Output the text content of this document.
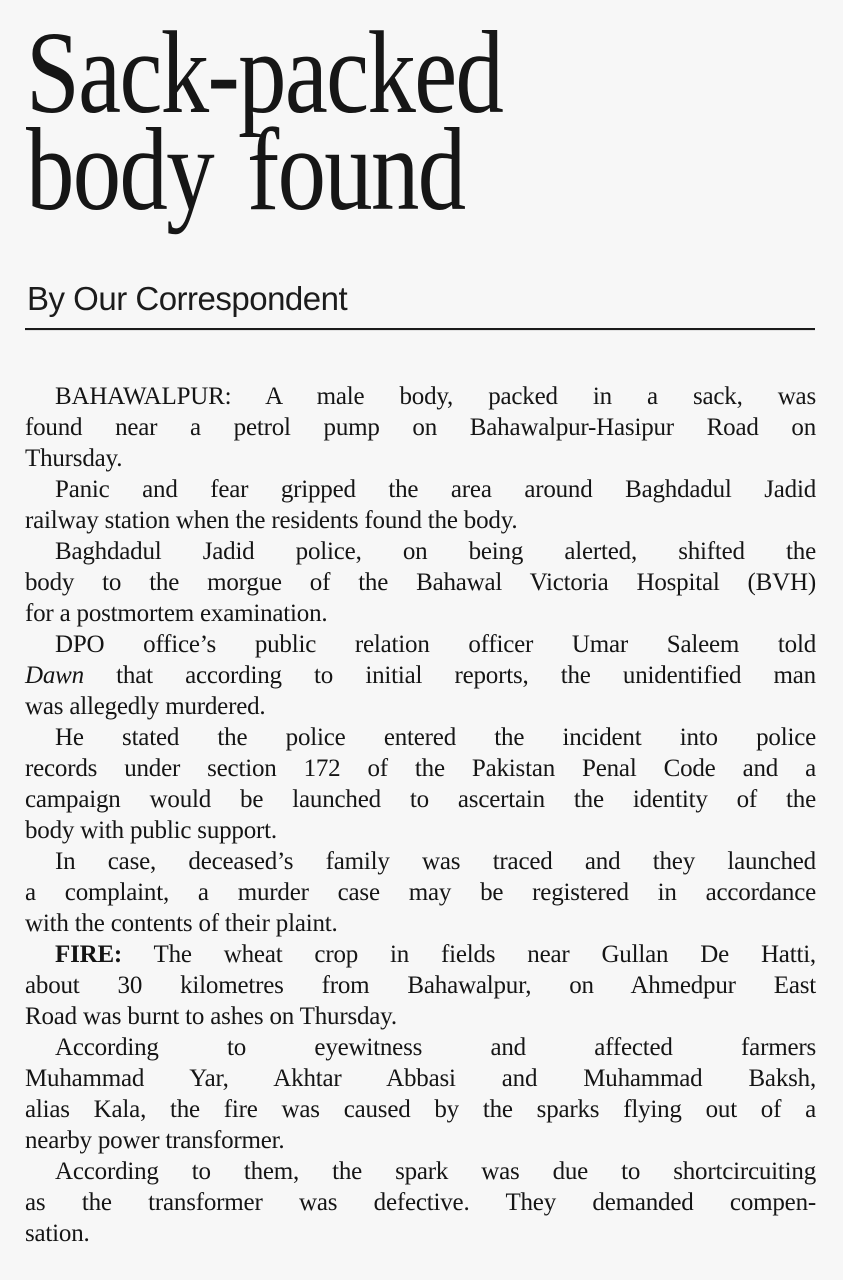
Sack-packed
body found
By Our Correspondent
BAHAWALPUR: A male body, packed in a sack, was
found near a petrol pump on Bahawalpur-Hasipur Road on
Thursday.
Panic and fear gripped the area around Baghdadul Jadid
railway station when the residents found the body.
Baghdadul Jadid police, on being alerted, shifted the
body to the morgue of the Bahawal Victoria Hospital (BVH)
for a postmortem examination.
DPO office’s public relation officer Umar Saleem told
Dawn that according to initial reports, the unidentified man
was allegedly murdered.
He stated the police entered the incident into police
records under section 172 of the Pakistan Penal Code and a
campaign would be launched to ascertain the identity of the
body with public support.
In case, deceased’s family was traced and they launched
a complaint, a murder case may be registered in accordance
with the contents of their plaint.
FIRE: The wheat crop in fields near Gullan De Hatti,
about 30 kilometres from Bahawalpur, on Ahmedpur East
Road was burnt to ashes on Thursday.
According to eyewitness and affected farmers
Muhammad Yar, Akhtar Abbasi and Muhammad Baksh,
alias Kala, the fire was caused by the sparks flying out of a
nearby power transformer.
According to them, the spark was due to shortcircuiting
as the transformer was defective. They demanded compen-
sation.
